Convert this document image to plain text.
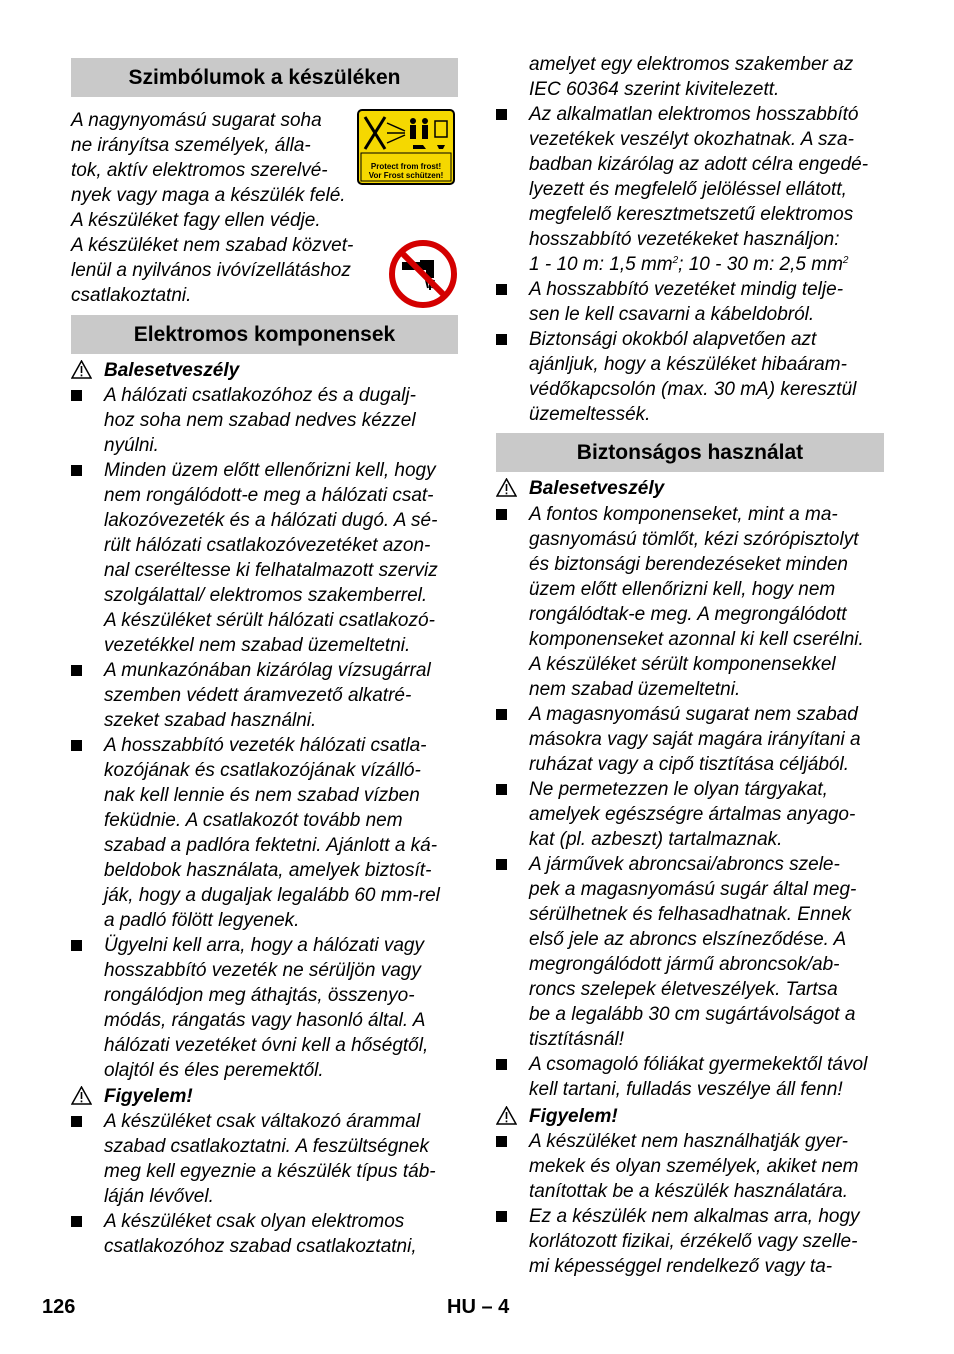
Szimbólumok a készüléken
A nagynyomású sugarat soha
ne irányítsa személyek, álla-
tok, aktív elektromos szerelvé-
nyek vagy maga a készülék felé.
A készüléket fagy ellen védje.
A készüléket nem szabad közvet-
lenül a nyilvános ivóvízellátáshoz
csatlakoztatni.
Protect from frost!
Vor Frost schützen!
Elektromos komponensek
Balesetveszély
A hálózati csatlakozóhoz és a dugalj-
hoz soha nem szabad nedves kézzel
nyúlni.
Minden üzem előtt ellenőrizni kell, hogy
nem rongálódott-e meg a hálózati csat-
lakozóvezeték és a hálózati dugó. A sé-
rült hálózati csatlakozóvezetéket azon-
nal cseréltesse ki felhatalmazott szerviz
szolgálattal/ elektromos szakemberrel.
A készüléket sérült hálózati csatlakozó-
vezetékkel nem szabad üzemeltetni.
A munkazónában kizárólag vízsugárral
szemben védett áramvezető alkatré-
szeket szabad használni.
A hosszabbító vezeték hálózati csatla-
kozójának és csatlakozójának vízálló-
nak kell lennie és nem szabad vízben
feküdnie. A csatlakozót tovább nem
szabad a padlóra fektetni. Ajánlott a ká-
beldobok használata, amelyek biztosít-
ják, hogy a dugaljak legalább 60 mm-rel
a padló fölött legyenek.
Ügyelni kell arra, hogy a hálózati vagy
hosszabbító vezeték ne sérüljön vagy
rongálódjon meg áthajtás, összenyo-
módás, rángatás vagy hasonló által. A
hálózati vezetéket óvni kell a hőségtől,
olajtól és éles peremektől.
Figyelem!
A készüléket csak váltakozó árammal
szabad csatlakoztatni. A feszültségnek
meg kell egyeznie a készülék típus táb-
láján lévővel.
A készüléket csak olyan elektromos
csatlakozóhoz szabad csatlakoztatni,
amelyet egy elektromos szakember az
IEC 60364 szerint kivitelezett.
Az alkalmatlan elektromos hosszabbító
vezetékek veszélyt okozhatnak. A sza-
badban kizárólag az adott célra engedé-
lyezett és megfelelő jelöléssel ellátott,
megfelelő keresztmetszetű elektromos
hosszabbító vezetékeket használjon:
1 - 10 m: 1,5 $mm^2$; 10 - 30 m: 2,5 $mm^2$
A hosszabbító vezetéket mindig telje-
sen le kell csavarni a kábeldobról.
Biztonsági okokból alapvetően azt
ajánljuk, hogy a készüléket hibaáram-
védőkapcsolón (max. 30 mA) keresztül
üzemeltessék.
Biztonságos használat
Balesetveszély
A fontos komponenseket, mint a ma-
gasnyomású tömlőt, kézi szórópisztolyt
és biztonsági berendezéseket minden
üzem előtt ellenőrizni kell, hogy nem
rongálódtak-e meg. A megrongálódott
komponenseket azonnal ki kell cserélni.
A készüléket sérült komponensekkel
nem szabad üzemeltetni.
A magasnyomású sugarat nem szabad
másokra vagy saját magára irányítani a
ruházat vagy a cipő tisztítása céljából.
Ne permetezzen le olyan tárgyakat,
amelyek egészségre ártalmas anyago-
kat (pl. azbeszt) tartalmaznak.
A járművek abroncsai/abroncs szele-
pek a magasnyomású sugár által meg-
sérülhetnek és felhasadhatnak. Ennek
első jele az abroncs elszíneződése. A
megrongálódott jármű abroncsok/ab-
roncs szelepek életveszélyek. Tartsa
be a legalább 30 cm sugártávolságot a
tisztításnál!
A csomagoló fóliákat gyermekektől távol
kell tartani, fulladás veszélye áll fenn!
Figyelem!
A készüléket nem használhatják gyer-
mekek és olyan személyek, akiket nem
tanítottak be a készülék használatára.
Ez a készülék nem alkalmas arra, hogy
korlátozott fizikai, érzékelő vagy szelle-
mi képességgel rendelkező vagy ta-
126	HU – 4
